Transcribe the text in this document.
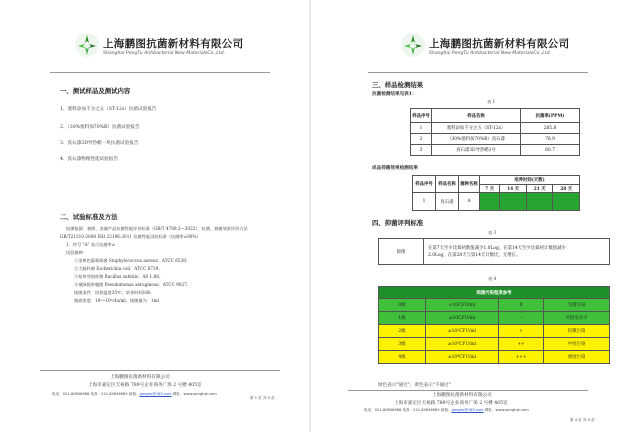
上海鹏图抗菌新材料有限公司
Shanghai PengTu Antibacterial New MaterialsCo.,Ltd.
一、测试样品及测试内容
1、塞料添加千分之五（ST-12s）抗菌试验报告
2、（30%塞料加70%B）抗菌试验报告
3、真石漆3D导热蜡一块抗菌试验报告
4、真石漆物理性能试验报告
二、试验标准及方法
检测依据：参照、金属产品抗菌性能评价标准（GB/T 4789.2—2022）、抗菌、抑菌效果评价方法
GB/T21510-2008 ISO 22196:2011 抗菌性能试验标准（抗菌率≥90%）
1、符号 "A" 表示抗菌率≥
试验菌种：
①金黄色葡萄球菌 Staphylococcus aureus：ATCC 6538；
②大肠杆菌 Escherichia coli：ATCC 8739；
③枯草芽孢杆菌 Bacillus subtilis：AS 1.88；
④铜绿假单胞菌 Pseudomonas aeruginosa：ATCC 9027；
接菌条件：培养温度35℃，培养时间18h
菌液浓度：10⁵~10⁶cfu/ml，接菌量为：1ml
上海鹏图抗菌新材料有限公司
上海市嘉定区天祝路 789号企业商务广场 2 号楼 405室
电话：021-60846988 传真：021-60846985 邮箱：pengtu@163.com 网址：www.pengtuk.com
第 1 页 共 4 页
上海鹏图抗菌新材料有限公司
Shanghai PengTu Antibacterial New MaterialsCo.,Ltd.
三、样品检测结果
抗菌检测结果见表1：
表 1
样品序号	样品名称	抗菌率(PPM)
1	塞料添加千分之五（ST-12s）	285.8
2	（30%塞料加70%B）真石漆	78.9
3	真石漆3D导热蜡1号	60.7
成品抑菌效果检测结果
样品序号	样品名称	菌种名称	培养时间(天数)			
			7 天	14 天	21 天	28 天
1	真石漆	A				
四、抑菌评判标准
表 3
抑菌	
在第7天至少比霉初数值减少1.0Log，在第14天至少比霉初计数值减少
2.0Log，在第28天与第14天计数比，无增长。
表 4
细菌污染程度参考			
0级	<10CFU/ml	0	无菌污染
1级	≥10CFU/ml	-	可接受水平
2级	≥10²CFU/ml	+	轻微污染
3级	≥10³CFU/ml	++	中度污染
4级	≥10⁴CFU/ml	+++	重度污染
绿色表示"通过"，黄色表示"不通过"
上海鹏图抗菌新材料有限公司
上海市嘉定区天祝路 789号企业商务广场 2 号楼 405室
电话：021-60846988 传真：021-60846985 邮箱：pengtu@163.com 网址：www.pengtuk.com
第 4 页 共 4 页
